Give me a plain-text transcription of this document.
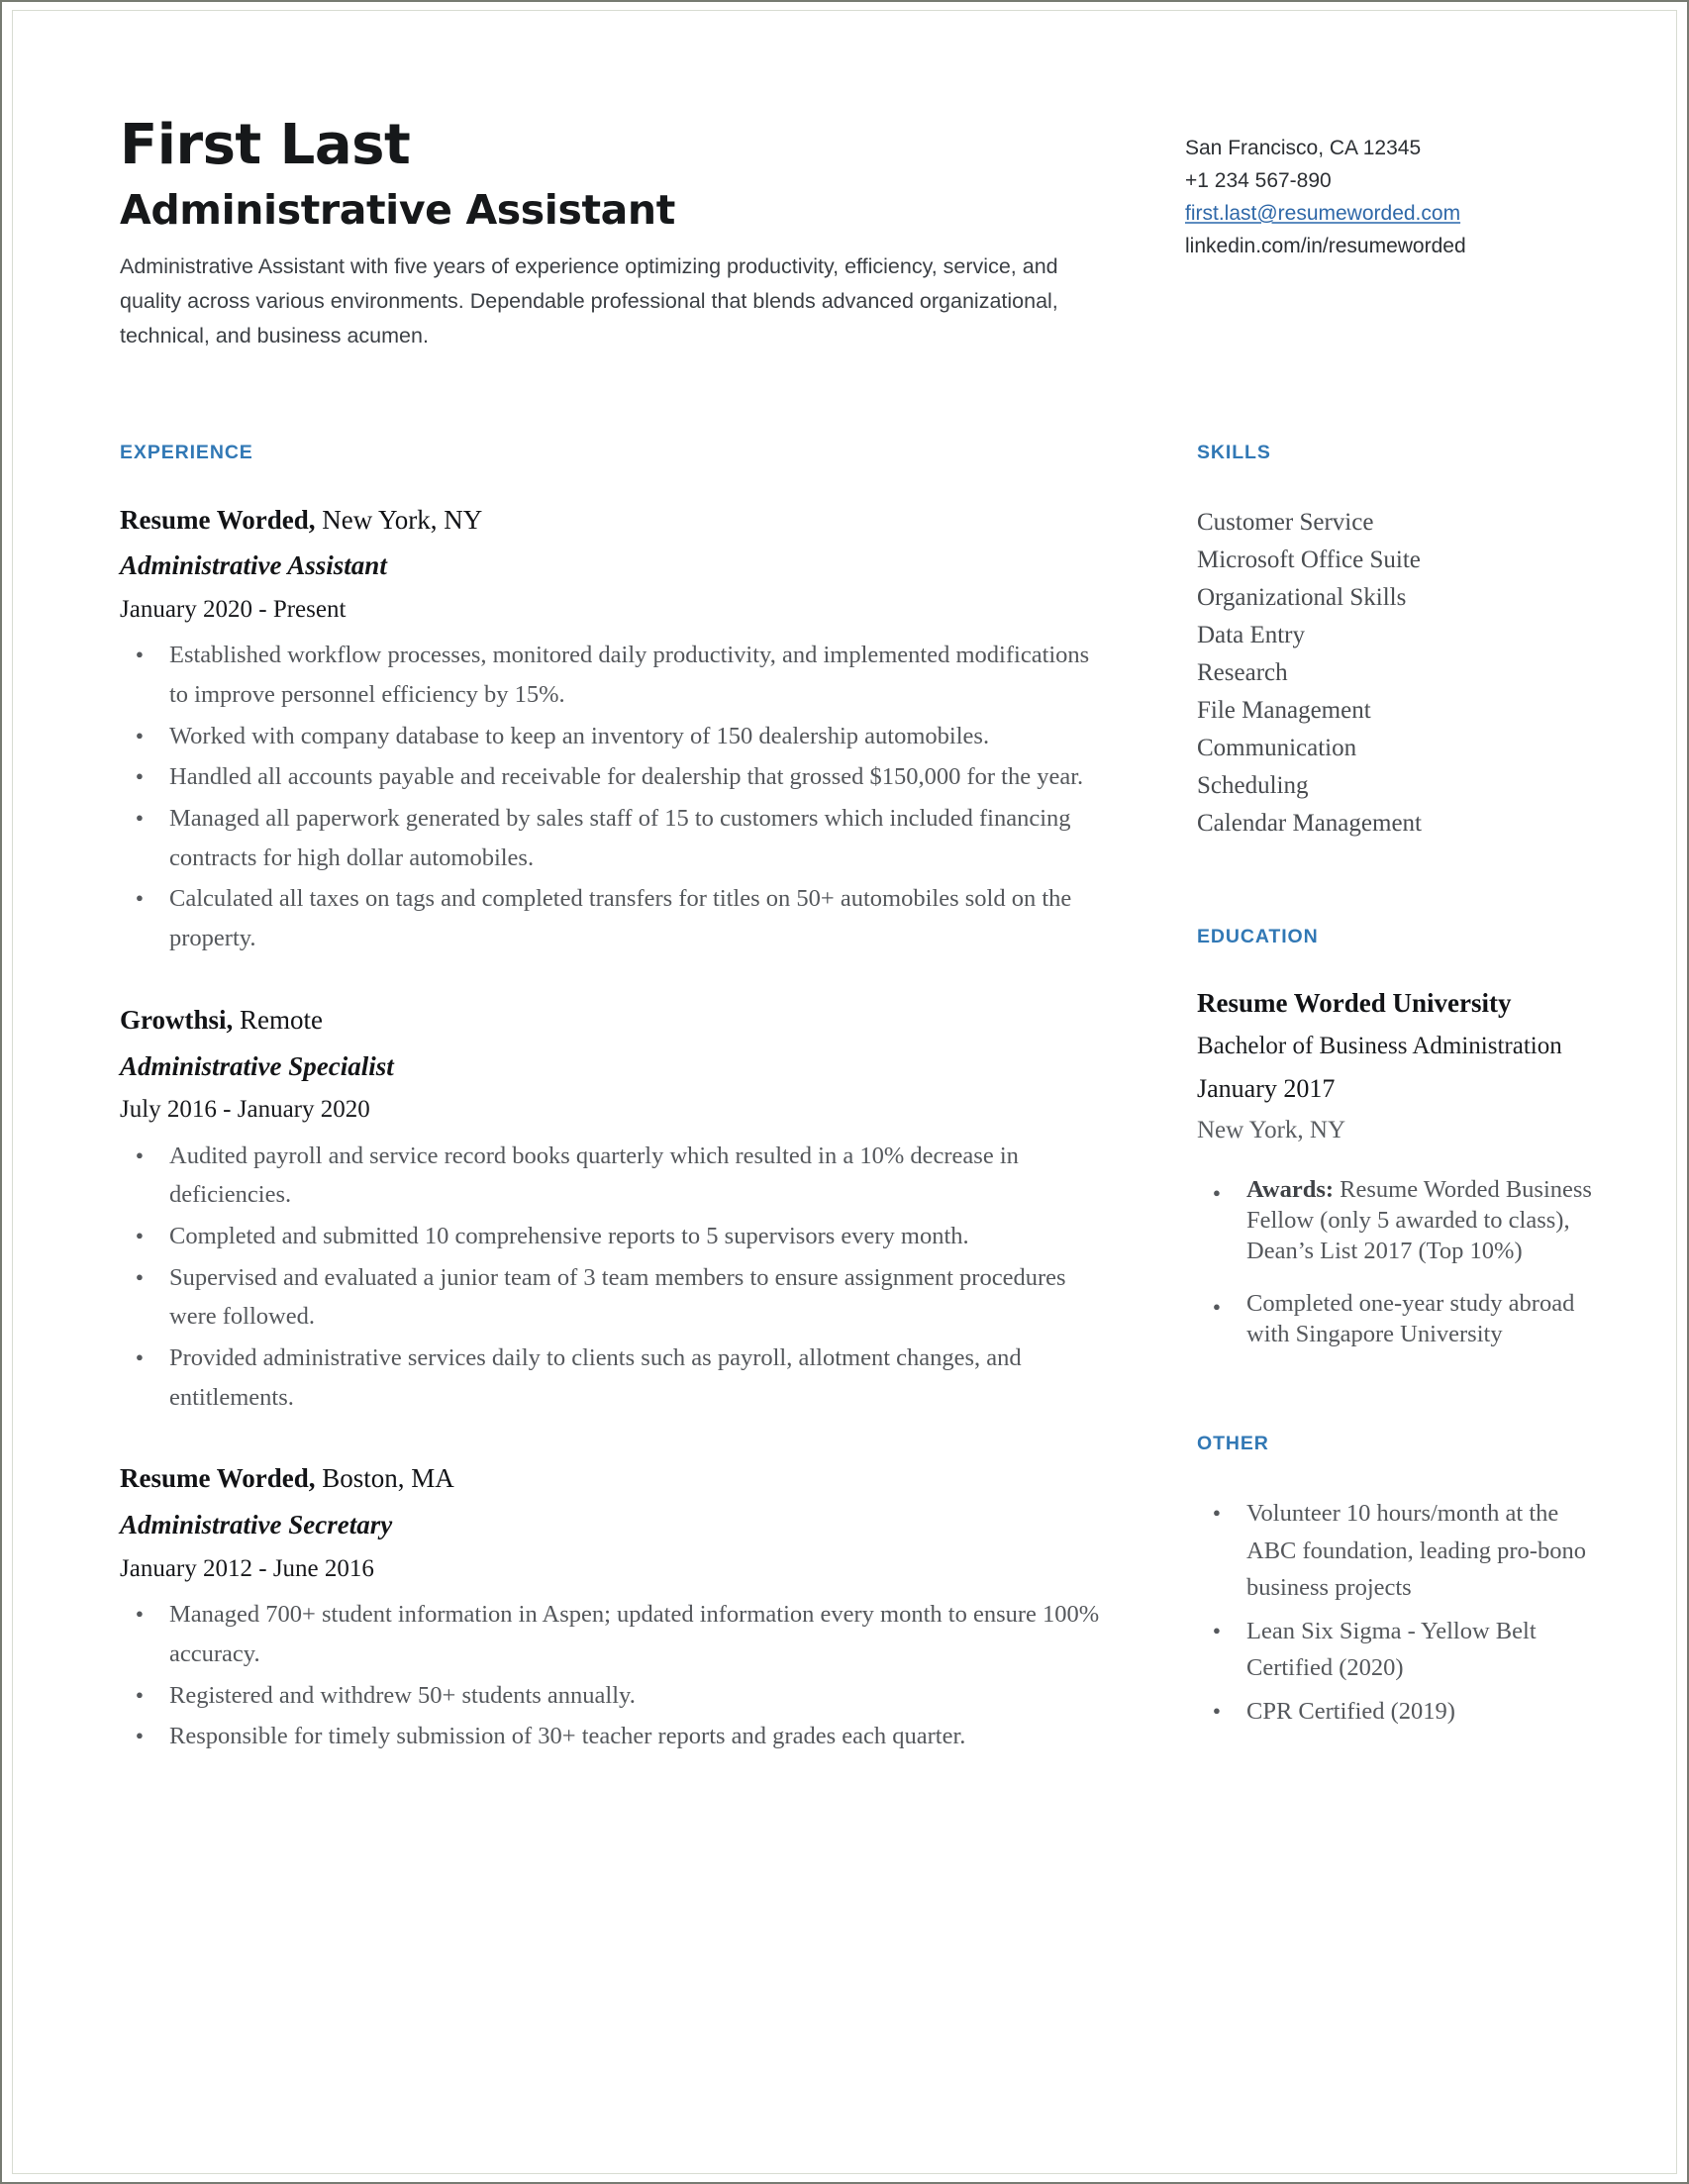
First Last
Administrative Assistant

Administrative Assistant with five years of experience optimizing productivity, efficiency, service, and quality across various environments. Dependable professional that blends advanced organizational, technical, and business acumen.

San Francisco, CA 12345
+1 234 567-890
first.last@resumeworded.com
linkedin.com/in/resumeworded
EXPERIENCE
Resume Worded, New York, NY
Administrative Assistant
January 2020 - Present
● Established workflow processes, monitored daily productivity, and implemented modifications to improve personnel efficiency by 15%.
● Worked with company database to keep an inventory of 150 dealership automobiles.
● Handled all accounts payable and receivable for dealership that grossed $150,000 for the year.
● Managed all paperwork generated by sales staff of 15 to customers which included financing contracts for high dollar automobiles.
● Calculated all taxes on tags and completed transfers for titles on 50+ automobiles sold on the property.
Growthsi, Remote
Administrative Specialist
July 2016 - January 2020
● Audited payroll and service record books quarterly which resulted in a 10% decrease in deficiencies.
● Completed and submitted 10 comprehensive reports to 5 supervisors every month.
● Supervised and evaluated a junior team of 3 team members to ensure assignment procedures were followed.
● Provided administrative services daily to clients such as payroll, allotment changes, and entitlements.
Resume Worded, Boston, MA
Administrative Secretary
January 2012 - June 2016
● Managed 700+ student information in Aspen; updated information every month to ensure 100% accuracy.
● Registered and withdrew 50+ students annually.
● Responsible for timely submission of 30+ teacher reports and grades each quarter.
SKILLS
Customer Service
Microsoft Office Suite
Organizational Skills
Data Entry
Research
File Management
Communication
Scheduling
Calendar Management
EDUCATION
Resume Worded University
Bachelor of Business Administration
January 2017
New York, NY
● Awards: Resume Worded Business Fellow (only 5 awarded to class), Dean’s List 2017 (Top 10%)
● Completed one-year study abroad with Singapore University
OTHER
● Volunteer 10 hours/month at the ABC foundation, leading pro-bono business projects
● Lean Six Sigma - Yellow Belt Certified (2020)
● CPR Certified (2019)
